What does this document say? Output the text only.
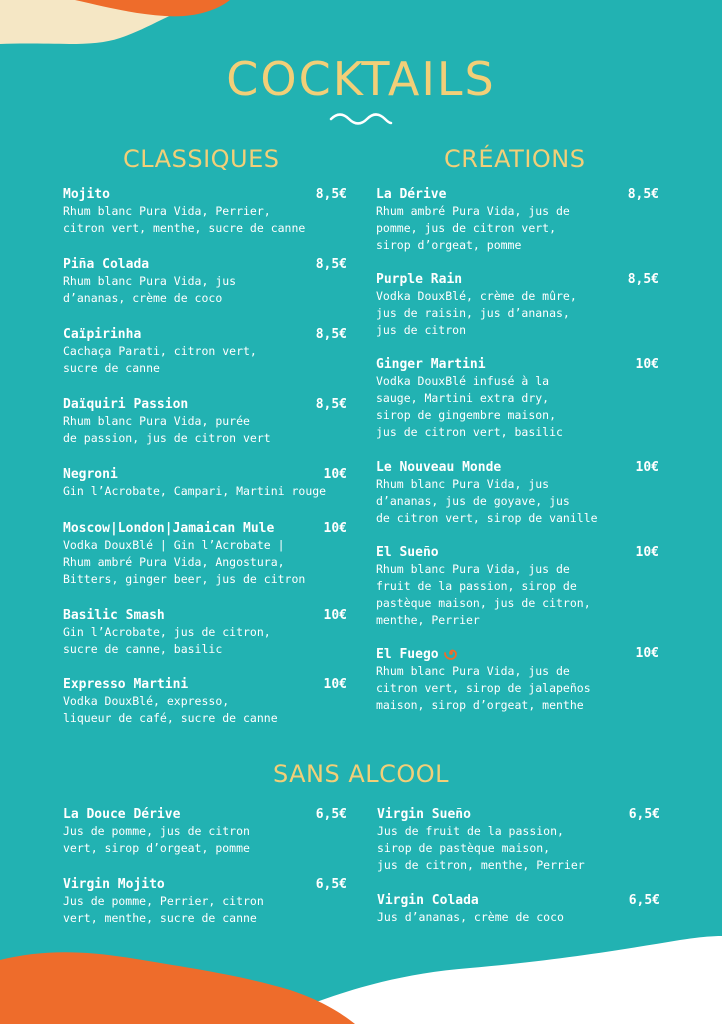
COCKTAILS
CLASSIQUES	CRÉATIONS
Mojito	8,5€
Rhum blanc Pura Vida, Perrier,
citron vert, menthe, sucre de canne
Piña Colada	8,5€
Rhum blanc Pura Vida, jus
d’ananas, crème de coco
Caïpirinha	8,5€
Cachaça Parati, citron vert,
sucre de canne
Daïquiri Passion	8,5€
Rhum blanc Pura Vida, purée
de passion, jus de citron vert
Negroni	10€
Gin l’Acrobate, Campari, Martini rouge
Moscow|London|Jamaican Mule	10€
Vodka DouxBlé | Gin l’Acrobate |
Rhum ambré Pura Vida, Angostura,
Bitters, ginger beer, jus de citron
Basilic Smash	10€
Gin l’Acrobate, jus de citron,
sucre de canne, basilic
Expresso Martini	10€
Vodka DouxBlé, expresso,
liqueur de café, sucre de canne
La Dérive	8,5€
Rhum ambré Pura Vida, jus de
pomme, jus de citron vert,
sirop d’orgeat, pomme
Purple Rain	8,5€
Vodka DouxBlé, crème de mûre,
jus de raisin, jus d’ananas,
jus de citron
Ginger Martini	10€
Vodka DouxBlé infusé à la
sauge, Martini extra dry,
sirop de gingembre maison,
jus de citron vert, basilic
Le Nouveau Monde	10€
Rhum blanc Pura Vida, jus
d’ananas, jus de goyave, jus
de citron vert, sirop de vanille
El Sueño	10€
Rhum blanc Pura Vida, jus de
fruit de la passion, sirop de
pastèque maison, jus de citron,
menthe, Perrier
El Fuego	10€
Rhum blanc Pura Vida, jus de
citron vert, sirop de jalapeños
maison, sirop d’orgeat, menthe
SANS ALCOOL
La Douce Dérive	6,5€
Jus de pomme, jus de citron
vert, sirop d’orgeat, pomme
Virgin Mojito	6,5€
Jus de pomme, Perrier, citron
vert, menthe, sucre de canne
Virgin Sueño	6,5€
Jus de fruit de la passion,
sirop de pastèque maison,
jus de citron, menthe, Perrier
Virgin Colada	6,5€
Jus d’ananas, crème de coco
